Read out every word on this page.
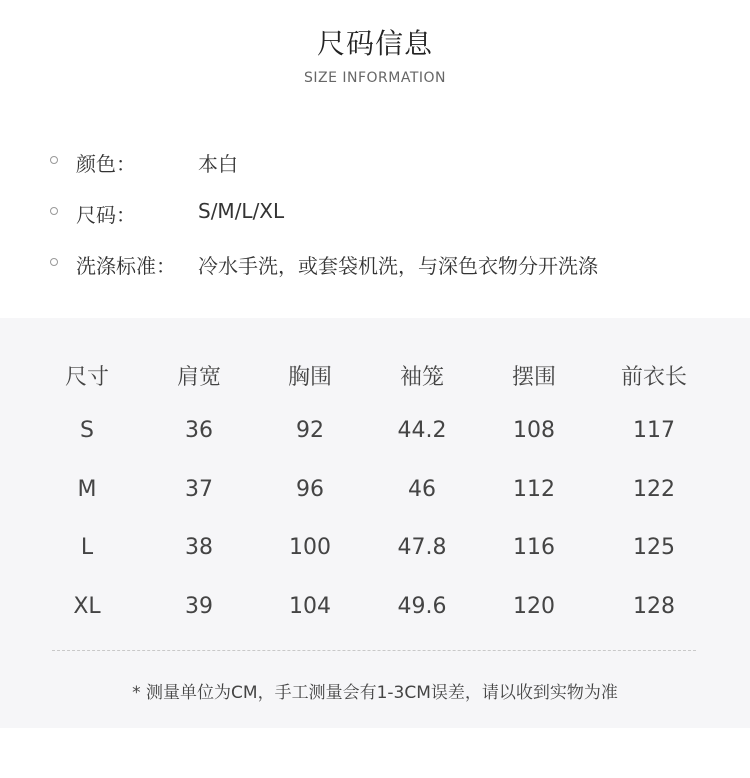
尺码信息
SIZE INFORMATION
颜色：	本白
尺码：	S/M/L/XL
洗涤标准： 冷水手洗，或套袋机洗，与深色衣物分开洗涤
尺寸	肩宽	胸围	袖笼	摆围	前衣长
S	36	92	44.2	108	117
M	37	96	46	112	122
L	38	100	47.8	116	125
XL	39	104	49.6	120	128
* 测量单位为CM，手工测量会有1-3CM误差，请以收到实物为准
